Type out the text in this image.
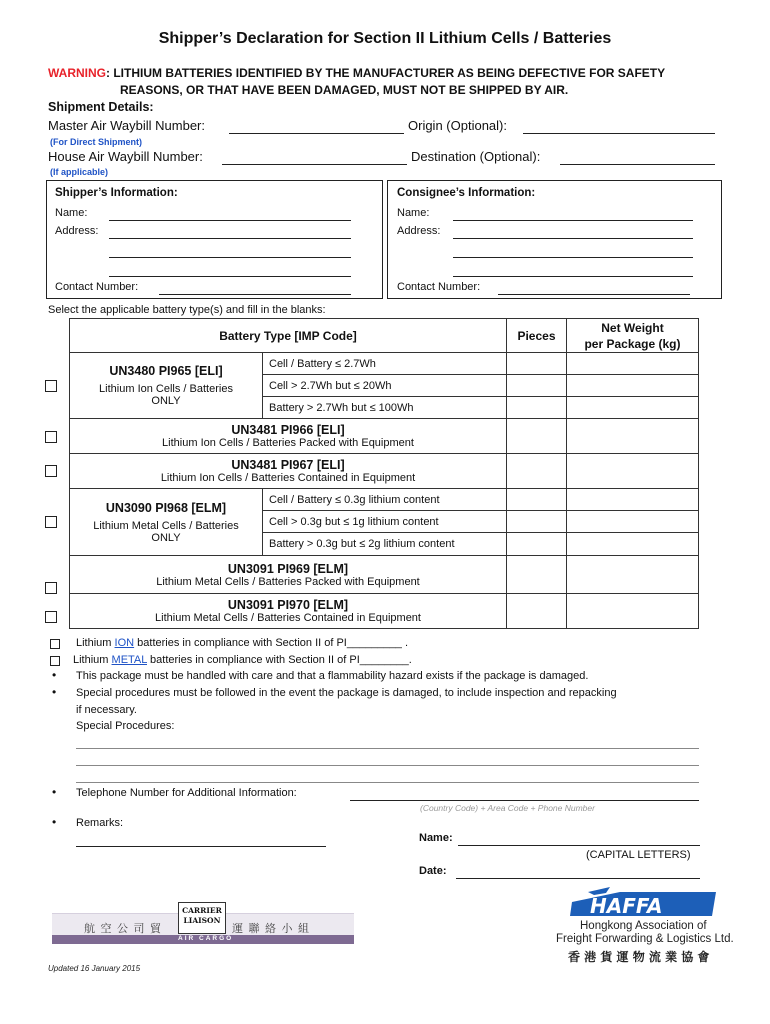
Shipper’s Declaration for Section II Lithium Cells / Batteries
WARNING: LITHIUM BATTERIES IDENTIFIED BY THE MANUFACTURER AS BEING DEFECTIVE FOR SAFETY
REASONS, OR THAT HAVE BEEN DAMAGED, MUST NOT BE SHIPPED BY AIR.
Shipment Details:
Master Air Waybill Number:	Origin (Optional):
(For Direct Shipment)
House Air Waybill Number:	Destination (Optional):
(If applicable)
Shipper’s Information:
Name:
Address:
Contact Number:
Consignee’s Information:
Name:
Address:
Contact Number:
Select the applicable battery type(s) and fill in the blanks:
Battery Type [IMP Code]		Pieces	Net Weight
per Package (kg)

UN3480 PI965 [ELI]
Lithium Ion Cells / Batteries
ONLY	Cell / Battery ≤ 2.7Wh		
	Cell > 2.7Wh but ≤ 20Wh		
	Battery > 2.7Wh but ≤ 100Wh		

UN3481 PI966 [ELI]
Lithium Ion Cells / Batteries Packed with Equipment			

UN3481 PI967 [ELI]
Lithium Ion Cells / Batteries Contained in Equipment			

UN3090 PI968 [ELM]
Lithium Metal Cells / Batteries
ONLY	Cell / Battery ≤ 0.3g lithium content		
	Cell > 0.3g but ≤ 1g lithium content		
	Battery > 0.3g but ≤ 2g lithium content		

UN3091 PI969 [ELM]
Lithium Metal Cells / Batteries Packed with Equipment			

UN3091 PI970 [ELM]
Lithium Metal Cells / Batteries Contained in Equipment			

Lithium ION batteries in compliance with Section II of PI_________ .
Lithium METAL batteries in compliance with Section II of PI________.
• This package must be handled with care and that a flammability hazard exists if the package is damaged.
• Special procedures must be followed in the event the package is damaged, to include inspection and repacking
if necessary.
Special Procedures:
• Telephone Number for Additional Information:
(Country Code) + Area Code + Phone Number
• Remarks:
Name:
(CAPITAL LETTERS)
Date:
航 空 公 司 貿	運 聯 絡 小 組
CARRIER
LIAISON
AIR CARGO
HAFFA
Hongkong Association of
Freight Forwarding & Logistics Ltd.
香 港 貨 運 物 流 業 協 會
Updated 16 January 2015
